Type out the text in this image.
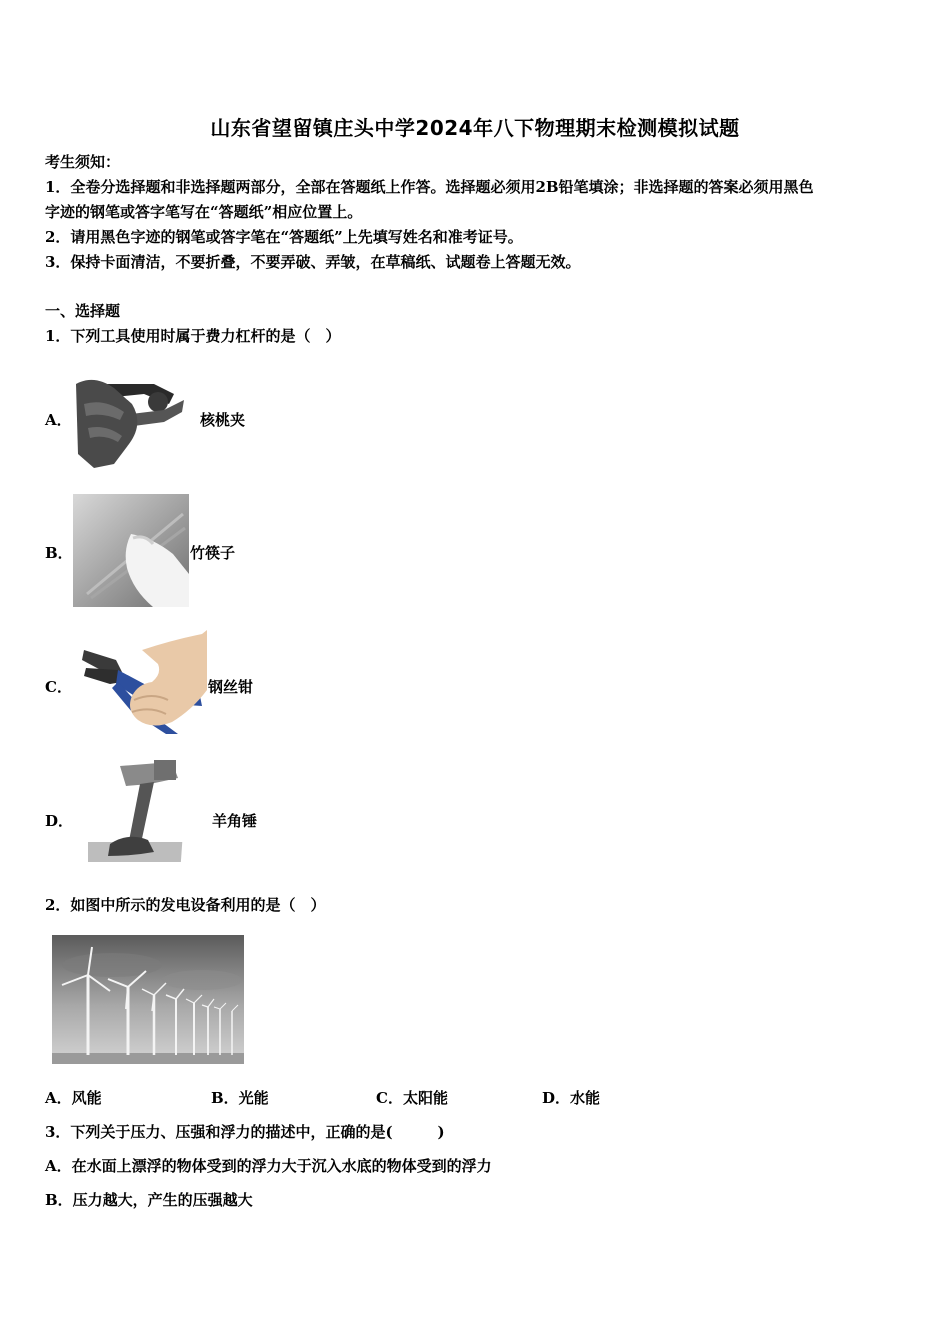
山东省望留镇庄头中学2024年八下物理期末检测模拟试题
考生须知：
1．全卷分选择题和非选择题两部分，全部在答题纸上作答。选择题必须用2B铅笔填涂；非选择题的答案必须用黑色
字迹的钢笔或答字笔写在“答题纸”相应位置上。
2．请用黑色字迹的钢笔或答字笔在“答题纸”上先填写姓名和准考证号。
3．保持卡面清洁，不要折叠，不要弄破、弄皱，在草稿纸、试题卷上答题无效。
一、选择题
1．下列工具使用时属于费力杠杆的是（　）
A．	核桃夹
B．	竹筷子
C．	钢丝钳
D．	羊角锤
2．如图中所示的发电设备利用的是（　）
A．风能	B．光能	C．太阳能	D．水能
3．下列关于压力、压强和浮力的描述中，正确的是(　　　)
A．在水面上漂浮的物体受到的浮力大于沉入水底的物体受到的浮力
B．压力越大，产生的压强越大
